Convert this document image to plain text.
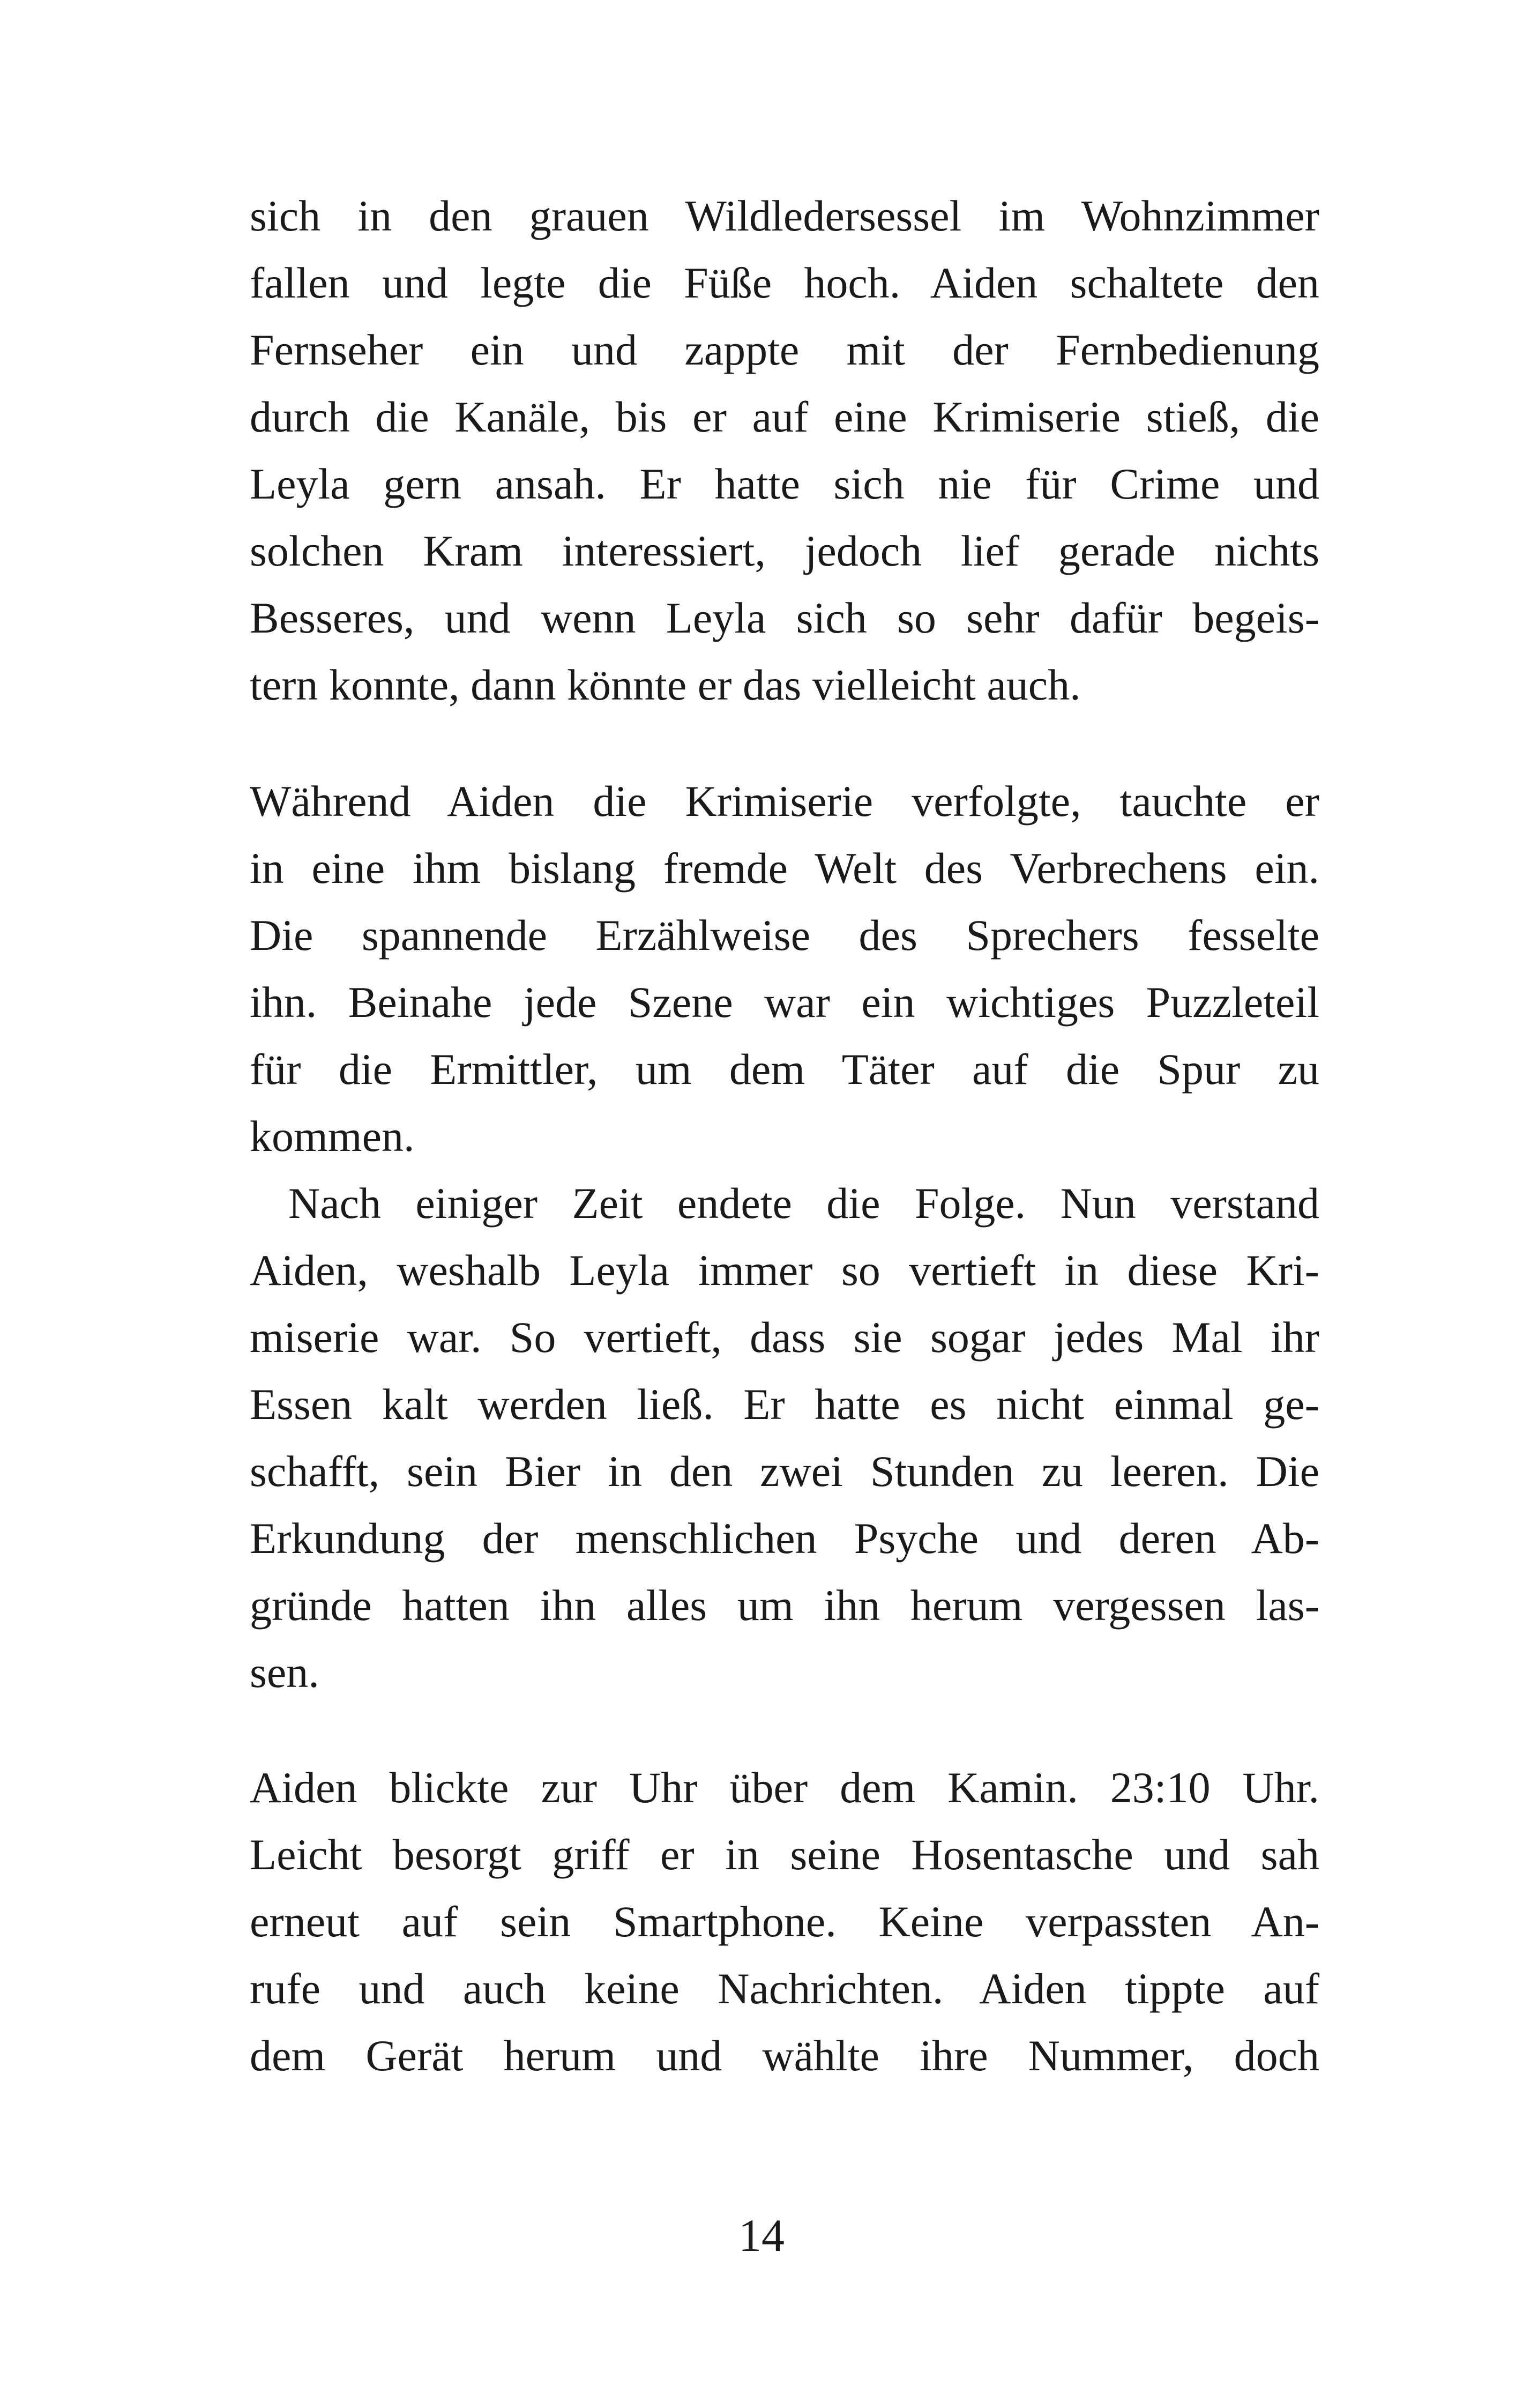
sich in den grauen Wildledersessel im Wohnzimmer
fallen und legte die Füße hoch. Aiden schaltete den
Fernseher ein und zappte mit der Fernbedienung
durch die Kanäle, bis er auf eine Krimiserie stieß, die
Leyla gern ansah. Er hatte sich nie für Crime und
solchen Kram interessiert, jedoch lief gerade nichts
Besseres, und wenn Leyla sich so sehr dafür begeis-
tern konnte, dann könnte er das vielleicht auch.
Während Aiden die Krimiserie verfolgte, tauchte er
in eine ihm bislang fremde Welt des Verbrechens ein.
Die spannende Erzählweise des Sprechers fesselte
ihn. Beinahe jede Szene war ein wichtiges Puzzleteil
für die Ermittler, um dem Täter auf die Spur zu
kommen.
Nach einiger Zeit endete die Folge. Nun verstand
Aiden, weshalb Leyla immer so vertieft in diese Kri-
miserie war. So vertieft, dass sie sogar jedes Mal ihr
Essen kalt werden ließ. Er hatte es nicht einmal ge-
schafft, sein Bier in den zwei Stunden zu leeren. Die
Erkundung der menschlichen Psyche und deren Ab-
gründe hatten ihn alles um ihn herum vergessen las-
sen.
Aiden blickte zur Uhr über dem Kamin. 23:10 Uhr.
Leicht besorgt griff er in seine Hosentasche und sah
erneut auf sein Smartphone. Keine verpassten An-
rufe und auch keine Nachrichten. Aiden tippte auf
dem Gerät herum und wählte ihre Nummer, doch
14
